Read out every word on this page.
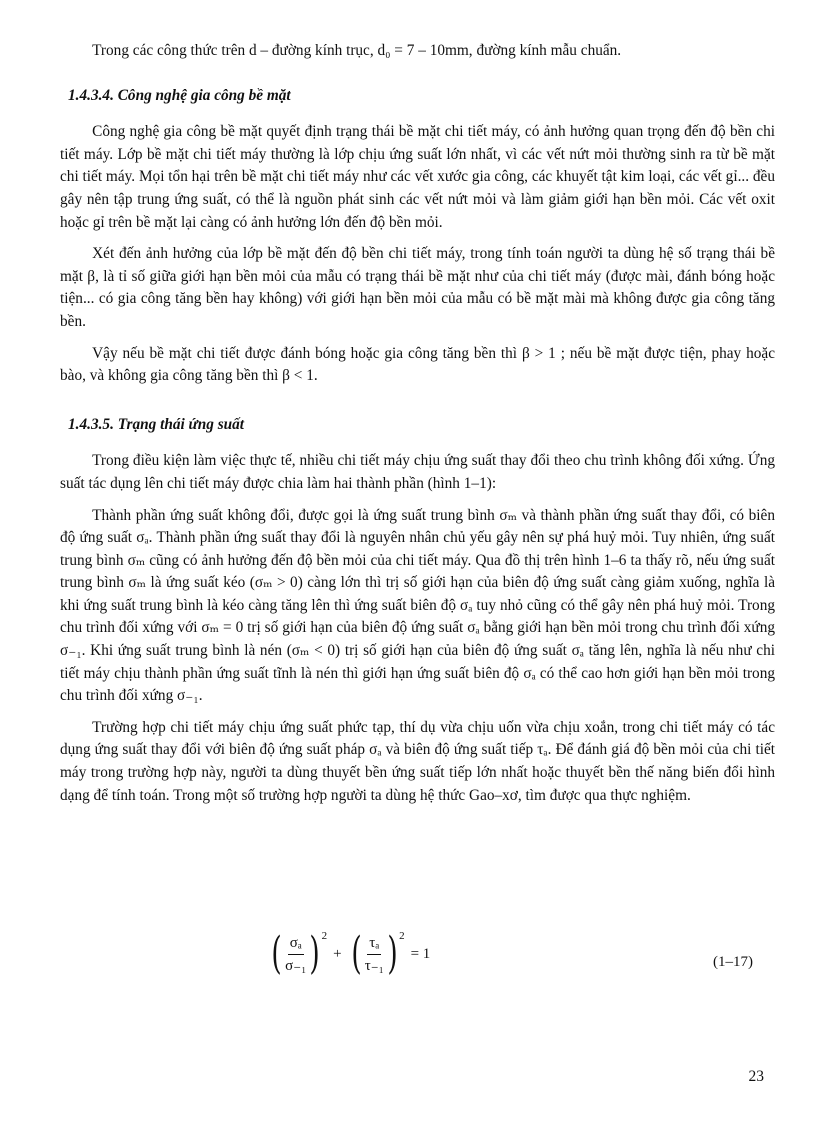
Trong các công thức trên d – đường kính trục, d₀ = 7 – 10mm, đường kính mẫu chuẩn.

1.4.3.4. Công nghệ gia công bề mặt

Công nghệ gia công bề mặt quyết định trạng thái bề mặt chi tiết máy, có ảnh hưởng quan trọng đến độ bền chi tiết máy. Lớp bề mặt chi tiết máy thường là lớp chịu ứng suất lớn nhất, vì các vết nứt mỏi thường sinh ra từ bề mặt chi tiết máy. Mọi tổn hại trên bề mặt chi tiết máy như các vết xước gia công, các khuyết tật kim loại, các vết gỉ... đều gây nên tập trung ứng suất, có thể là nguồn phát sinh các vết nứt mỏi và làm giảm giới hạn bền mỏi. Các vết oxit hoặc gỉ trên bề mặt lại càng có ảnh hưởng lớn đến độ bền mỏi.

Xét đến ảnh hưởng của lớp bề mặt đến độ bền chi tiết máy, trong tính toán người ta dùng hệ số trạng thái bề mặt β, là tỉ số giữa giới hạn bền mỏi của mẫu có trạng thái bề mặt như của chi tiết máy (được mài, đánh bóng hoặc tiện... có gia công tăng bền hay không) với giới hạn bền mỏi của mẫu có bề mặt mài mà không được gia công tăng bền.

Vậy nếu bề mặt chi tiết được đánh bóng hoặc gia công tăng bền thì β > 1 ; nếu bề mặt được tiện, phay hoặc bào, và không gia công tăng bền thì β < 1.

1.4.3.5. Trạng thái ứng suất

Trong điều kiện làm việc thực tế, nhiều chi tiết máy chịu ứng suất thay đổi theo chu trình không đối xứng. Ứng suất tác dụng lên chi tiết máy được chia làm hai thành phần (hình 1–1):

Thành phần ứng suất không đổi, được gọi là ứng suất trung bình σₘ và thành phần ứng suất thay đổi, có biên độ ứng suất σₐ. Thành phần ứng suất thay đổi là nguyên nhân chủ yếu gây nên sự phá huỷ mỏi. Tuy nhiên, ứng suất trung bình σₘ cũng có ảnh hưởng đến độ bền mỏi của chi tiết máy. Qua đồ thị trên hình 1–6 ta thấy rõ, nếu ứng suất trung bình σₘ là ứng suất kéo (σₘ > 0) càng lớn thì trị số giới hạn của biên độ ứng suất càng giảm xuống, nghĩa là khi ứng suất trung bình là kéo càng tăng lên thì ứng suất biên độ σₐ tuy nhỏ cũng có thể gây nên phá huỷ mỏi. Trong chu trình đối xứng với σₘ = 0 trị số giới hạn của biên độ ứng suất σₐ bằng giới hạn bền mỏi trong chu trình đối xứng σ₋₁. Khi ứng suất trung bình là nén (σₘ < 0) trị số giới hạn của biên độ ứng suất σₐ tăng lên, nghĩa là nếu như chi tiết máy chịu thành phần ứng suất tĩnh là nén thì giới hạn ứng suất biên độ σₐ có thể cao hơn giới hạn bền mỏi trong chu trình đối xứng σ₋₁.

Trường hợp chi tiết máy chịu ứng suất phức tạp, thí dụ vừa chịu uốn vừa chịu xoắn, trong chi tiết máy có tác dụng ứng suất thay đổi với biên độ ứng suất pháp σₐ và biên độ ứng suất tiếp τₐ. Để đánh giá độ bền mỏi của chi tiết máy trong trường hợp này, người ta dùng thuyết bền ứng suất tiếp lớn nhất hoặc thuyết bền thế năng biến đổi hình dạng để tính toán. Trong một số trường hợp người ta dùng hệ thức Gao–xơ, tìm được qua thực nghiệm.

( $\frac{\text{σₐ}}{\text{σ₋₁}}$ ) 2
+ ( $\frac{\text{τₐ}}{\text{τ₋₁}}$ ) 2
= 1
(1–17)
23
